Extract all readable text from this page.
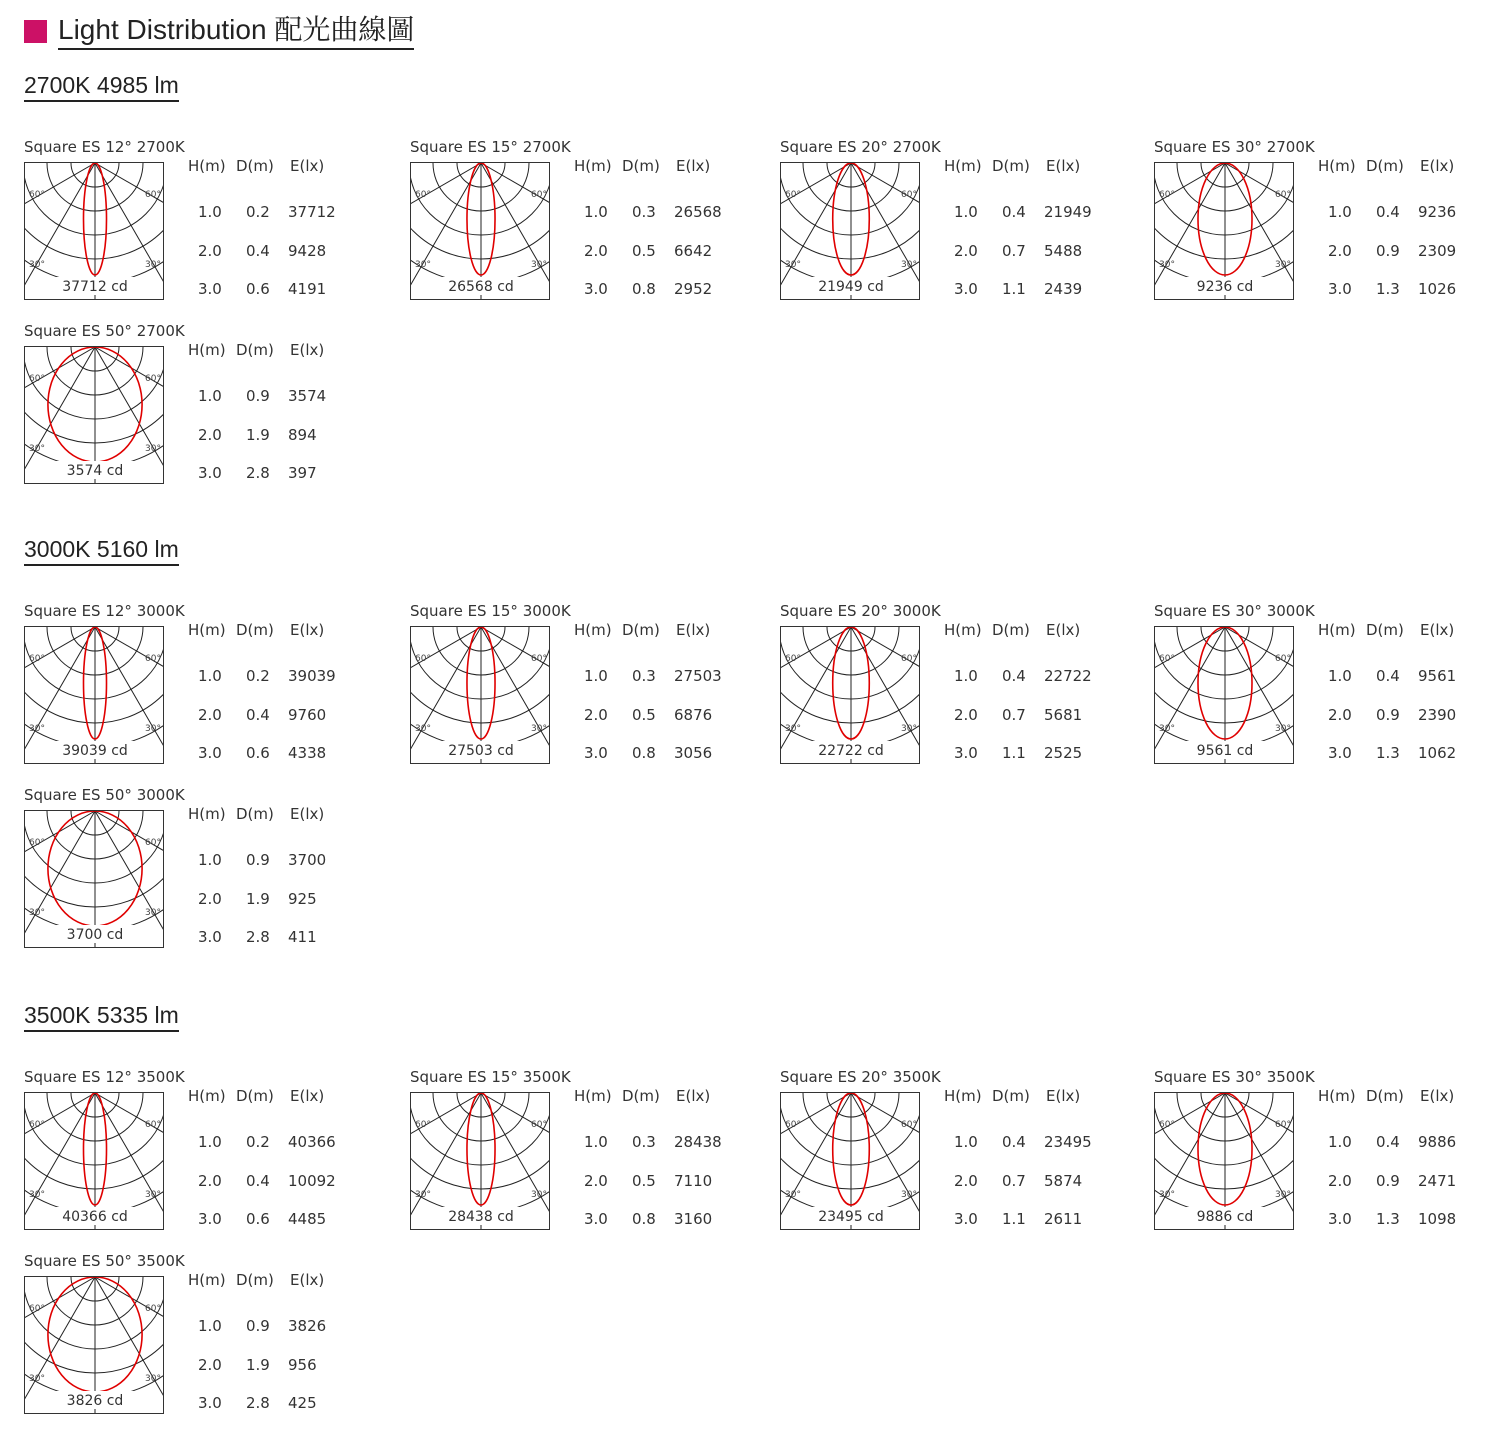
Light Distribution 配光曲線圖
2700K 4985 lm
Square ES 12° 2700K
60°	60°
30°	30°
37712 cd
H(m) D(m) E(lx)
1.0 0.2 37712
2.0 0.4 9428
3.0 0.6 4191
Square ES 15° 2700K
60°	60°
30°	30°
26568 cd
H(m) D(m) E(lx)
1.0 0.3 26568
2.0 0.5 6642
3.0 0.8 2952
Square ES 20° 2700K
60°	60°
30°	30°
21949 cd
H(m) D(m) E(lx)
1.0 0.4 21949
2.0 0.7 5488
3.0 1.1 2439
Square ES 30° 2700K
60°	60°
30°	30°
9236 cd
H(m) D(m) E(lx)
1.0 0.4 9236
2.0 0.9 2309
3.0 1.3 1026
Square ES 50° 2700K
60°	60°
30°	30°
3574 cd
H(m) D(m) E(lx)
1.0 0.9 3574
2.0 1.9 894
3.0 2.8 397
3000K 5160 lm
Square ES 12° 3000K
60°	60°
30°	30°
39039 cd
H(m) D(m) E(lx)
1.0 0.2 39039
2.0 0.4 9760
3.0 0.6 4338
Square ES 15° 3000K
60°	60°
30°	30°
27503 cd
H(m) D(m) E(lx)
1.0 0.3 27503
2.0 0.5 6876
3.0 0.8 3056
Square ES 20° 3000K
60°	60°
30°	30°
22722 cd
H(m) D(m) E(lx)
1.0 0.4 22722
2.0 0.7 5681
3.0 1.1 2525
Square ES 30° 3000K
60°	60°
30°	30°
9561 cd
H(m) D(m) E(lx)
1.0 0.4 9561
2.0 0.9 2390
3.0 1.3 1062
Square ES 50° 3000K
60°	60°
30°	30°
3700 cd
H(m) D(m) E(lx)
1.0 0.9 3700
2.0 1.9 925
3.0 2.8 411
3500K 5335 lm
Square ES 12° 3500K
60°	60°
30°	30°
40366 cd
H(m) D(m) E(lx)
1.0 0.2 40366
2.0 0.4 10092
3.0 0.6 4485
Square ES 15° 3500K
60°	60°
30°	30°
28438 cd
H(m) D(m) E(lx)
1.0 0.3 28438
2.0 0.5 7110
3.0 0.8 3160
Square ES 20° 3500K
60°	60°
30°	30°
23495 cd
H(m) D(m) E(lx)
1.0 0.4 23495
2.0 0.7 5874
3.0 1.1 2611
Square ES 30° 3500K
60°	60°
30°	30°
9886 cd
H(m) D(m) E(lx)
1.0 0.4 9886
2.0 0.9 2471
3.0 1.3 1098
Square ES 50° 3500K
60°	60°
30°	30°
3826 cd
H(m) D(m) E(lx)
1.0 0.9 3826
2.0 1.9 956
3.0 2.8 425
